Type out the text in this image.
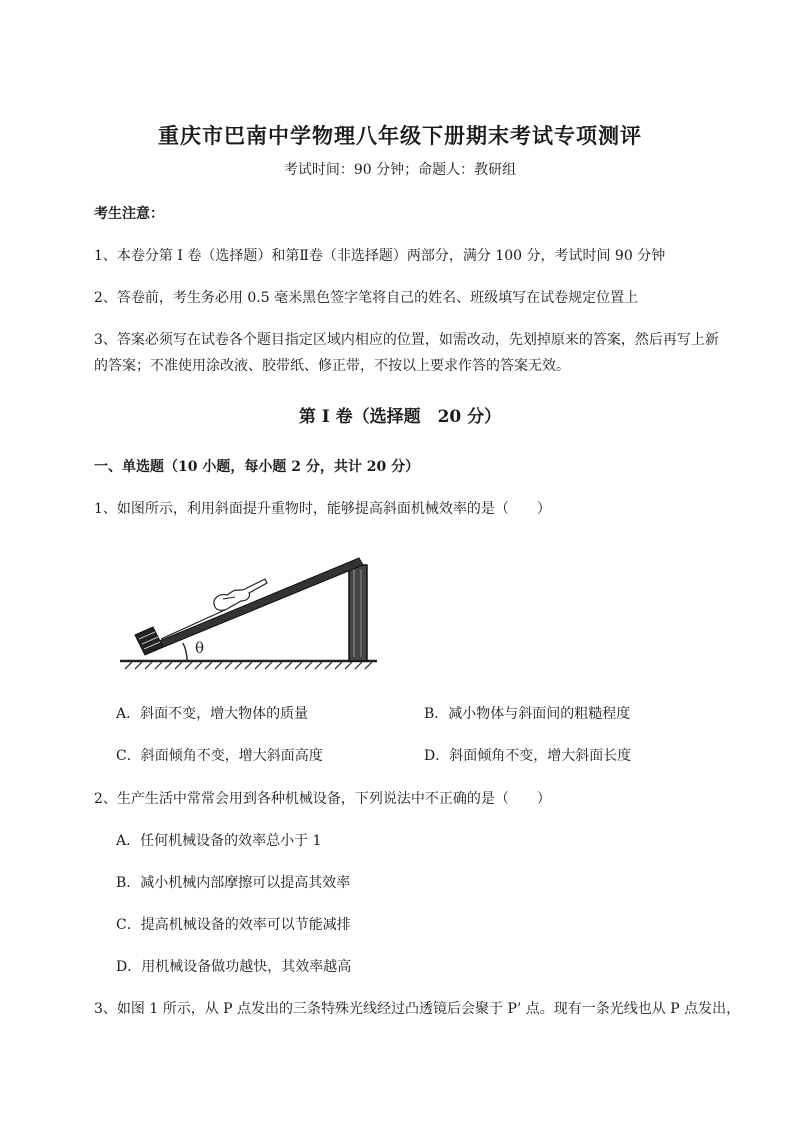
重庆市巴南中学物理八年级下册期末考试专项测评
考试时间：90 分钟；命题人：教研组
考生注意：
1、本卷分第 I 卷（选择题）和第Ⅱ卷（非选择题）两部分，满分 100 分，考试时间 90 分钟
2、答卷前，考生务必用 0.5 毫米黑色签字笔将自己的姓名、班级填写在试卷规定位置上
3、答案必须写在试卷各个题目指定区域内相应的位置，如需改动，先划掉原来的答案，然后再写上新
的答案；不准使用涂改液、胶带纸、修正带，不按以上要求作答的答案无效。
第 I 卷（选择题　20 分）
一、单选题（10 小题，每小题 2 分，共计 20 分）
1、如图所示，利用斜面提升重物时，能够提高斜面机械效率的是（　　）
θ
A．斜面不变，增大物体的质量	B．减小物体与斜面间的粗糙程度
C．斜面倾角不变，增大斜面高度	D．斜面倾角不变，增大斜面长度
2、生产生活中常常会用到各种机械设备，下列说法中不正确的是（　　）
A．任何机械设备的效率总小于 1
B．减小机械内部摩擦可以提高其效率
C．提高机械设备的效率可以节能减排
D．用机械设备做功越快，其效率越高
3、如图 1 所示，从 P 点发出的三条特殊光线经过凸透镜后会聚于 P’ 点。现有一条光线也从 P 点发出，
